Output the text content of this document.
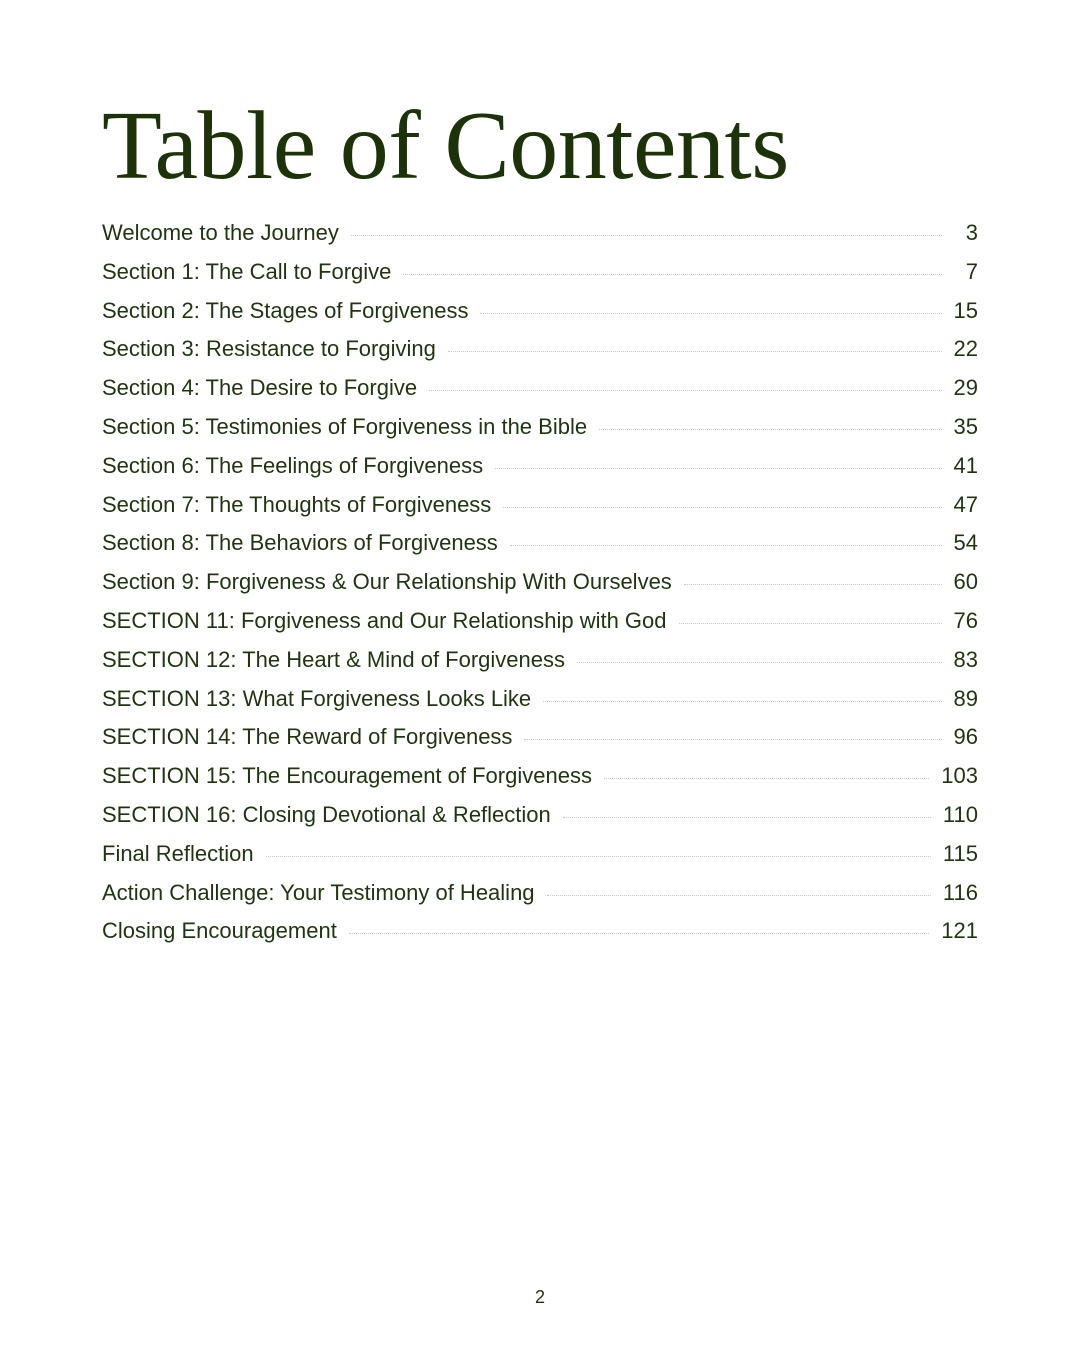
Table of Contents
Welcome to the Journey	3
Section 1: The Call to Forgive	7
Section 2: The Stages of Forgiveness	15
Section 3: Resistance to Forgiving	22
Section 4: The Desire to Forgive	29
Section 5: Testimonies of Forgiveness in the Bible	35
Section 6: The Feelings of Forgiveness	41
Section 7: The Thoughts of Forgiveness	47
Section 8: The Behaviors of Forgiveness	54
Section 9: Forgiveness & Our Relationship With Ourselves	60
SECTION 11: Forgiveness and Our Relationship with God	76
SECTION 12: The Heart & Mind of Forgiveness	83
SECTION 13: What Forgiveness Looks Like	89
SECTION 14: The Reward of Forgiveness	96
SECTION 15: The Encouragement of Forgiveness	103
SECTION 16: Closing Devotional & Reflection	110
Final Reflection	115
Action Challenge: Your Testimony of Healing	116
Closing Encouragement	121
2
